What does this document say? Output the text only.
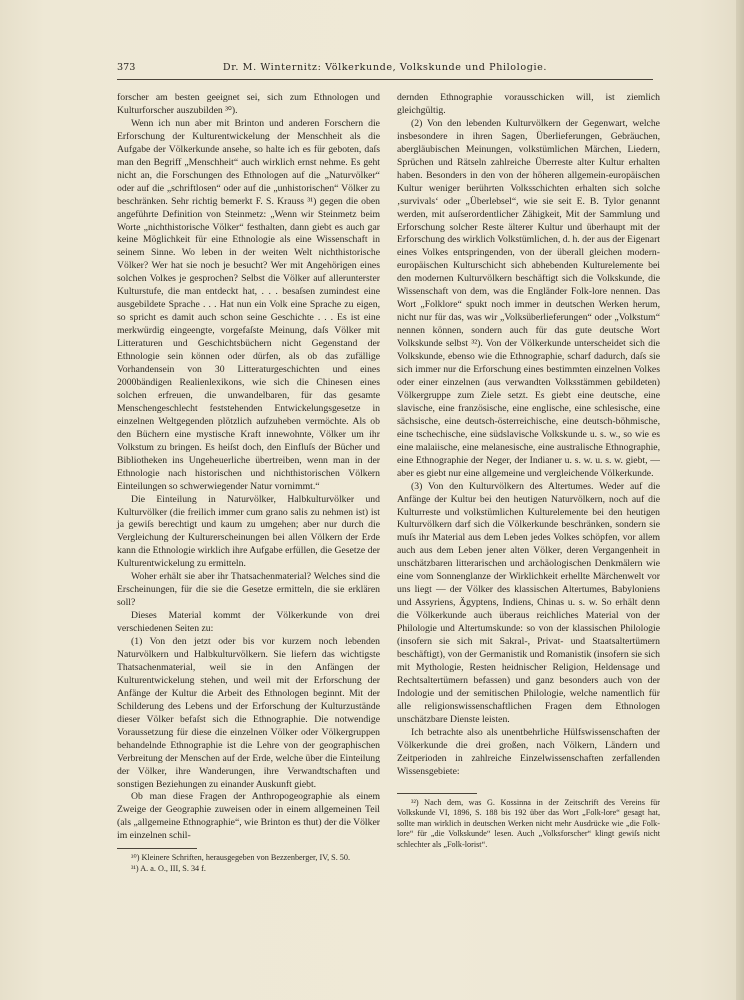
373	Dr. M. Winternitz: Völkerkunde, Volkskunde und Philologie.

forscher am besten geeignet sei, sich zum Ethnologen und Kulturforscher auszubilden ³⁰).

Wenn ich nun aber mit Brinton und anderen Forschern die Erforschung der Kulturentwickelung der Menschheit als die Aufgabe der Völkerkunde ansehe, so halte ich es für geboten, daſs man den Begriff „Menschheit“ auch wirklich ernst nehme. Es geht nicht an, die Forschungen des Ethnologen auf die „Naturvölker“ oder auf die „schriftlosen“ oder auf die „unhistorischen“ Völker zu beschränken. Sehr richtig bemerkt F. S. Krauss ³¹) gegen die oben angeführte Definition von Steinmetz: „Wenn wir Steinmetz beim Worte „nichthistorische Völker“ festhalten, dann giebt es auch gar keine Möglichkeit für eine Ethnologie als eine Wissenschaft in seinem Sinne. Wo leben in der weiten Welt nichthistorische Völker? Wer hat sie noch je besucht? Wer mit Angehörigen eines solchen Volkes je gesprochen? Selbst die Völker auf allerunterster Kulturstufe, die man entdeckt hat, . . . besaſsen zumindest eine ausgebildete Sprache . . . Hat nun ein Volk eine Sprache zu eigen, so spricht es damit auch schon seine Geschichte . . . Es ist eine merkwürdig eingeengte, vorgefaſste Meinung, daſs Völker mit Litteraturen und Geschichtsbüchern nicht Gegenstand der Ethnologie sein können oder dürfen, als ob das zufällige Vorhandensein von 30 Litteraturgeschichten und eines 2000bändigen Realienlexikons, wie sich die Chinesen eines solchen erfreuen, die unwandelbaren, für das gesamte Menschengeschlecht feststehenden Entwickelungsgesetze in einzelnen Weltgegenden plötzlich aufzuheben vermöchte. Als ob den Büchern eine mystische Kraft innewohnte, Völker um ihr Volkstum zu bringen. Es heiſst doch, den Einfluſs der Bücher und Bibliotheken ins Ungeheuerliche übertreiben, wenn man in der Ethnologie nach historischen und nichthistorischen Völkern Einteilungen so schwerwiegender Natur vornimmt.“

Die Einteilung in Naturvölker, Halbkulturvölker und Kulturvölker (die freilich immer cum grano salis zu nehmen ist) ist ja gewiſs berechtigt und kaum zu umgehen; aber nur durch die Vergleichung der Kulturerscheinungen bei allen Völkern der Erde kann die Ethnologie wirklich ihre Aufgabe erfüllen, die Gesetze der Kulturentwickelung zu ermitteln.

Woher erhält sie aber ihr Thatsachenmaterial? Welches sind die Erscheinungen, für die sie die Gesetze ermitteln, die sie erklären soll?

Dieses Material kommt der Völkerkunde von drei verschiedenen Seiten zu:

(1) Von den jetzt oder bis vor kurzem noch lebenden Naturvölkern und Halbkulturvölkern. Sie liefern das wichtigste Thatsachenmaterial, weil sie in den Anfängen der Kulturentwickelung stehen, und weil mit der Erforschung der Anfänge der Kultur die Arbeit des Ethnologen beginnt. Mit der Schilderung des Lebens und der Erforschung der Kulturzustände dieser Völker befaſst sich die Ethnographie. Die notwendige Voraussetzung für diese die einzelnen Völker oder Völkergruppen behandelnde Ethnographie ist die Lehre von der geographischen Verbreitung der Menschen auf der Erde, welche über die Einteilung der Völker, ihre Wanderungen, ihre Verwandtschaften und sonstigen Beziehungen zu einander Auskunft giebt.

Ob man diese Fragen der Anthropogeographie als einem Zweige der Geographie zuweisen oder in einem allgemeinen Teil (als „allgemeine Ethnographie“, wie Brinton es thut) der die Völker im einzelnen schil-

³⁰) Kleinere Schriften, herausgegeben von Bezzenberger, IV, S. 50.

³¹) A. a. O., III, S. 34 f.

dernden Ethnographie vorausschicken will, ist ziemlich gleichgültig.

(2) Von den lebenden Kulturvölkern der Gegenwart, welche insbesondere in ihren Sagen, Überlieferungen, Gebräuchen, abergläubischen Meinungen, volkstümlichen Märchen, Liedern, Sprüchen und Rätseln zahlreiche Überreste alter Kultur erhalten haben. Besonders in den von der höheren allgemein-europäischen Kultur weniger berührten Volksschichten erhalten sich solche ‚survivals‘ oder „Überlebsel“, wie sie seit E. B. Tylor genannt werden, mit auſserordentlicher Zähigkeit, Mit der Sammlung und Erforschung solcher Reste älterer Kultur und überhaupt mit der Erforschung des wirklich Volkstümlichen, d. h. der aus der Eigenart eines Volkes entspringenden, von der überall gleichen modern-europäischen Kulturschicht sich abhebenden Kulturelemente bei den modernen Kulturvölkern beschäftigt sich die Volkskunde, die Wissenschaft von dem, was die Engländer Folk-lore nennen. Das Wort „Folklore“ spukt noch immer in deutschen Werken herum, nicht nur für das, was wir „Volksüberlieferungen“ oder „Volkstum“ nennen können, sondern auch für das gute deutsche Wort Volkskunde selbst ³²). Von der Völkerkunde unterscheidet sich die Volkskunde, ebenso wie die Ethnographie, scharf dadurch, daſs sie sich immer nur die Erforschung eines bestimmten einzelnen Volkes oder einer einzelnen (aus verwandten Volksstämmen gebildeten) Völkergruppe zum Ziele setzt. Es giebt eine deutsche, eine slavische, eine französische, eine englische, eine schlesische, eine sächsische, eine deutsch-österreichische, eine deutsch-böhmische, eine tschechische, eine südslavische Volkskunde u. s. w., so wie es eine malaiische, eine melanesische, eine australische Ethnographie, eine Ethnographie der Neger, der Indianer u. s. w. u. s. w. giebt, — aber es giebt nur eine allgemeine und vergleichende Völkerkunde.

(3) Von den Kulturvölkern des Altertumes. Weder auf die Anfänge der Kultur bei den heutigen Naturvölkern, noch auf die Kulturreste und volkstümlichen Kulturelemente bei den heutigen Kulturvölkern darf sich die Völkerkunde beschränken, sondern sie muſs ihr Material aus dem Leben jedes Volkes schöpfen, vor allem auch aus dem Leben jener alten Völker, deren Vergangenheit in unschätzbaren litterarischen und archäologischen Denkmälern wie eine vom Sonnenglanze der Wirklichkeit erhellte Märchenwelt vor uns liegt — der Völker des klassischen Altertumes, Babyloniens und Assyriens, Ägyptens, Indiens, Chinas u. s. w. So erhält denn die Völkerkunde auch überaus reichliches Material von der Philologie und Altertumskunde: so von der klassischen Philologie (insofern sie sich mit Sakral-, Privat- und Staatsaltertümern beschäftigt), von der Germanistik und Romanistik (insofern sie sich mit Mythologie, Resten heidnischer Religion, Heldensage und Rechtsaltertümern befassen) und ganz besonders auch von der Indologie und der semitischen Philologie, welche namentlich für alle religionswissenschaftlichen Fragen dem Ethnologen unschätzbare Dienste leisten.

Ich betrachte also als unentbehrliche Hülfswissenschaften der Völkerkunde die drei großen, nach Völkern, Ländern und Zeitperioden in zahlreiche Einzelwissenschaften zerfallenden Wissensgebiete:

³²) Nach dem, was G. Kossinna in der Zeitschrift des Vereins für Volkskunde VI, 1896, S. 188 bis 192 über das Wort „Folk-lore“ gesagt hat, sollte man wirklich in deutschen Werken nicht mehr Ausdrücke wie „die Folk-lore“ für „die Volkskunde“ lesen. Auch „Volksforscher“ klingt gewiſs nicht schlechter als „Folk-lorist“.
